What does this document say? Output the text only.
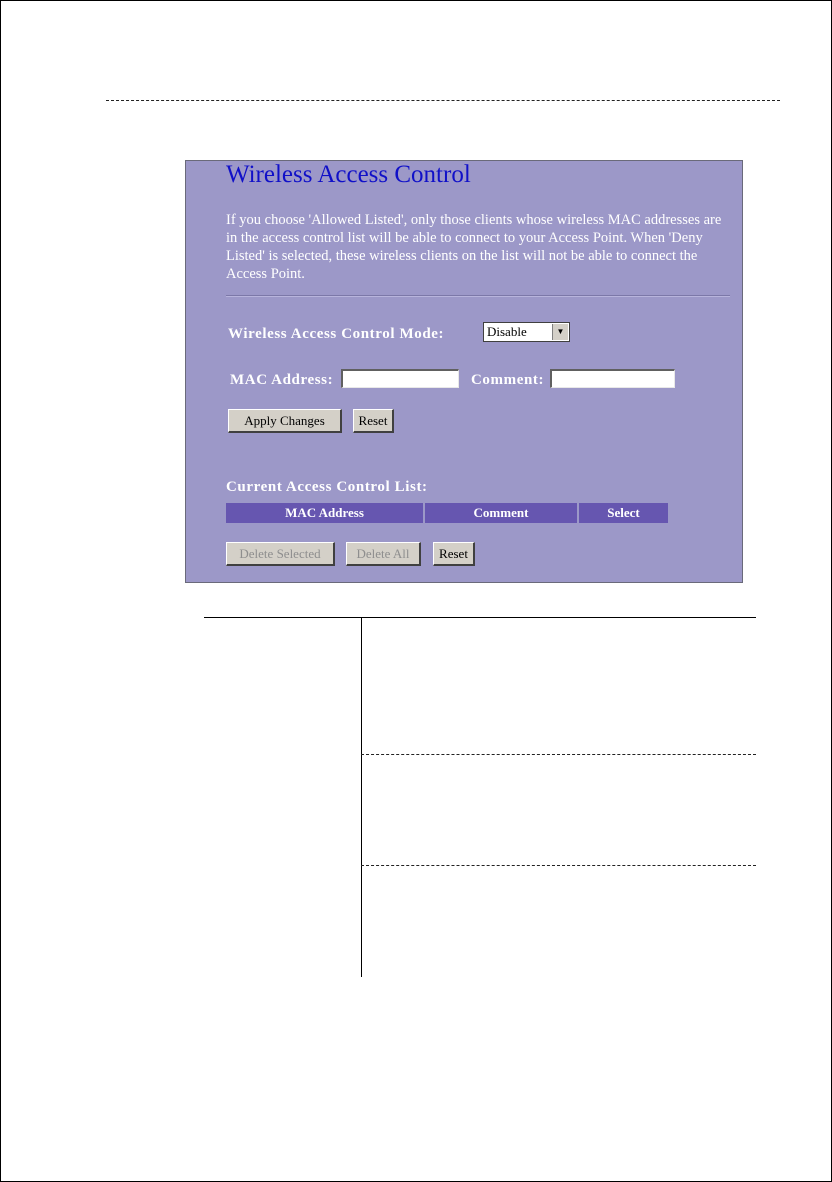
Wireless Access Control
If you choose 'Allowed Listed', only those clients whose wireless MAC addresses are in the access control list will be able to connect to your Access Point. When 'Deny Listed' is selected, these wireless clients on the list will not be able to connect the Access Point.
Wireless Access Control Mode:	Disable	▼
MAC Address:	Comment:
Apply Changes	Reset
Current Access Control List:
MAC Address	Comment	Select
Delete Selected	Delete All	Reset
